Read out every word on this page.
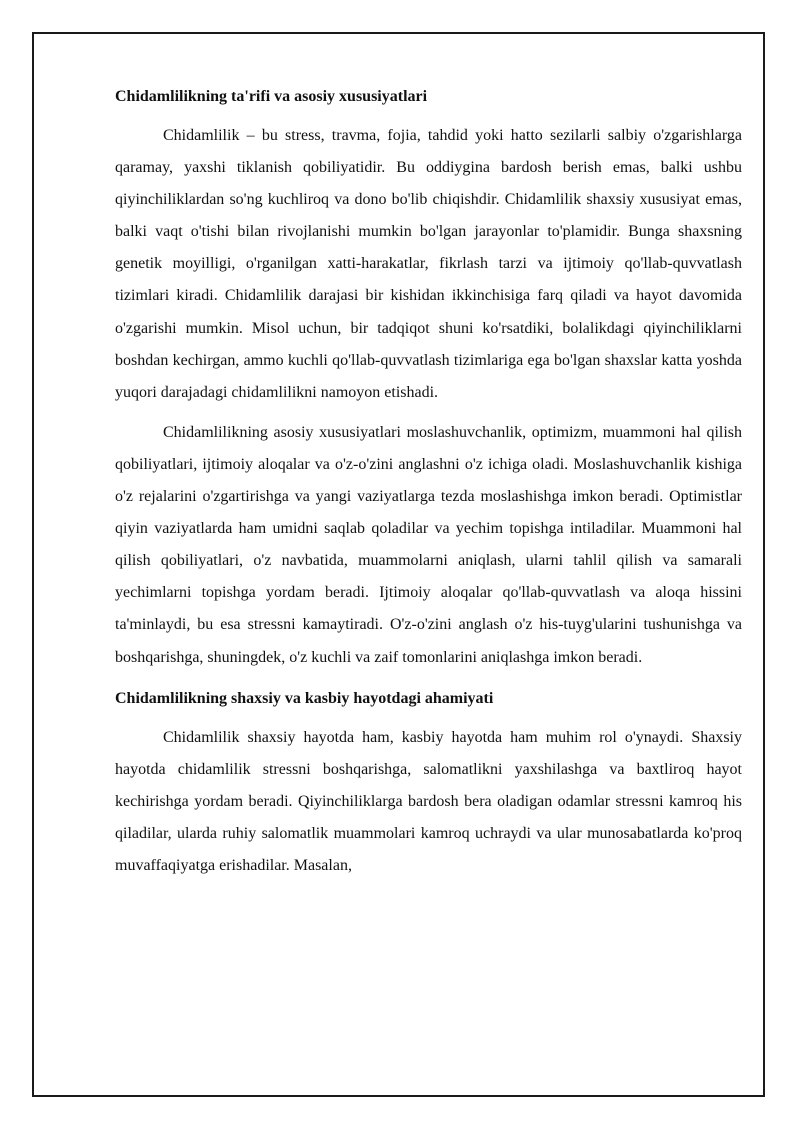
Chidamlilikning ta'rifi va asosiy xususiyatlari

Chidamlilik – bu stress, travma, fojia, tahdid yoki hatto sezilarli salbiy o'zgarishlarga qaramay, yaxshi tiklanish qobiliyatidir. Bu oddiygina bardosh berish emas, balki ushbu qiyinchiliklardan so'ng kuchliroq va dono bo'lib chiqishdir. Chidamlilik shaxsiy xususiyat emas, balki vaqt o'tishi bilan rivojlanishi mumkin bo'lgan jarayonlar to'plamidir. Bunga shaxsning genetik moyilligi, o'rganilgan xatti-harakatlar, fikrlash tarzi va ijtimoiy qo'llab-quvvatlash tizimlari kiradi. Chidamlilik darajasi bir kishidan ikkinchisiga farq qiladi va hayot davomida o'zgarishi mumkin. Misol uchun, bir tadqiqot shuni ko'rsatdiki, bolalikdagi qiyinchiliklarni boshdan kechirgan, ammo kuchli qo'llab-quvvatlash tizimlariga ega bo'lgan shaxslar katta yoshda yuqori darajadagi chidamlilikni namoyon etishadi.

Chidamlilikning asosiy xususiyatlari moslashuvchanlik, optimizm, muammoni hal qilish qobiliyatlari, ijtimoiy aloqalar va o'z-o'zini anglashni o'z ichiga oladi. Moslashuvchanlik kishiga o'z rejalarini o'zgartirishga va yangi vaziyatlarga tezda moslashishga imkon beradi. Optimistlar qiyin vaziyatlarda ham umidni saqlab qoladilar va yechim topishga intiladilar. Muammoni hal qilish qobiliyatlari, o'z navbatida, muammolarni aniqlash, ularni tahlil qilish va samarali yechimlarni topishga yordam beradi. Ijtimoiy aloqalar qo'llab-quvvatlash va aloqa hissini ta'minlaydi, bu esa stressni kamaytiradi. O'z-o'zini anglash o'z his-tuyg'ularini tushunishga va boshqarishga, shuningdek, o'z kuchli va zaif tomonlarini aniqlashga imkon beradi.

Chidamlilikning shaxsiy va kasbiy hayotdagi ahamiyati

Chidamlilik shaxsiy hayotda ham, kasbiy hayotda ham muhim rol o'ynaydi. Shaxsiy hayotda chidamlilik stressni boshqarishga, salomatlikni yaxshilashga va baxtliroq hayot kechirishga yordam beradi. Qiyinchiliklarga bardosh bera oladigan odamlar stressni kamroq his qiladilar, ularda ruhiy salomatlik muammolari kamroq uchraydi va ular munosabatlarda ko'proq muvaffaqiyatga erishadilar. Masalan,
